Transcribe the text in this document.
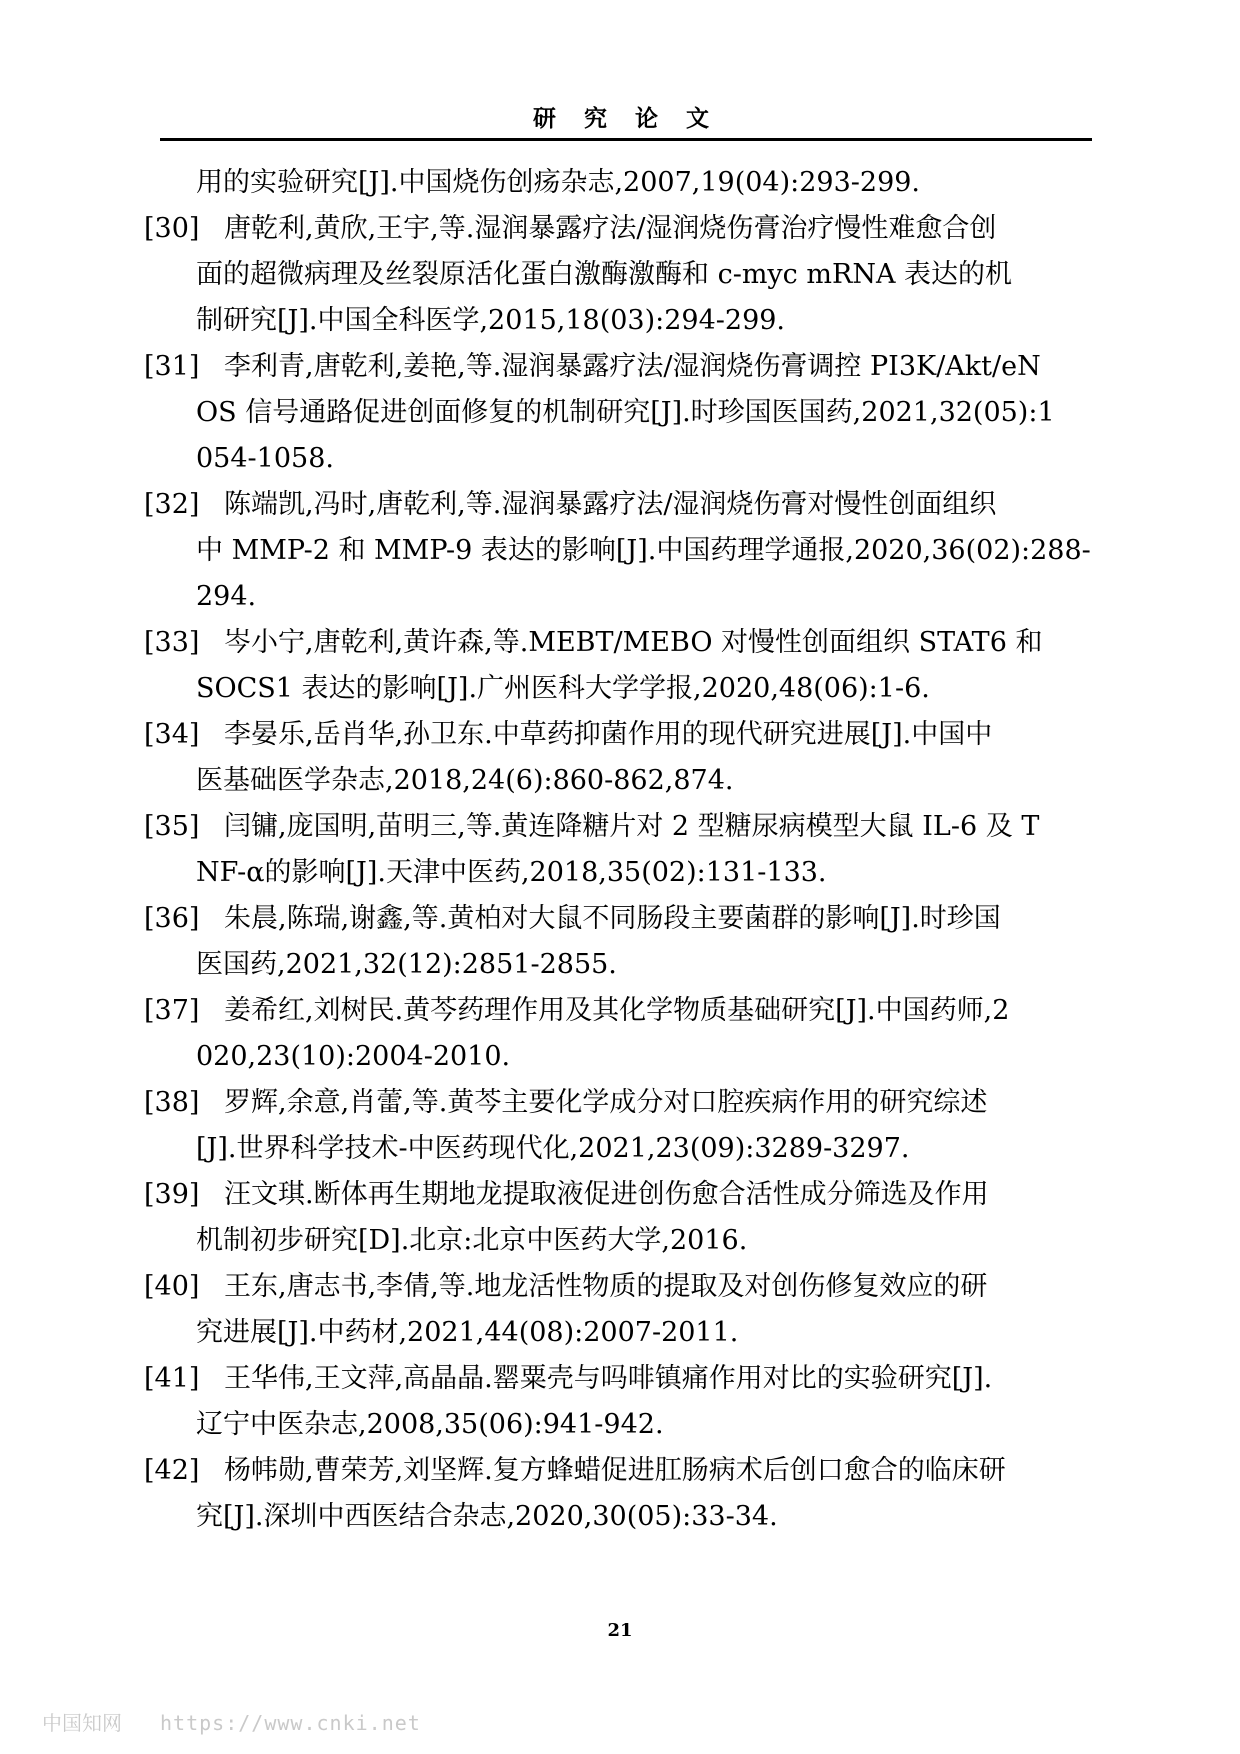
研 究 论 文
用的实验研究[J].中国烧伤创疡杂志,2007,19(04):293-299.
[30] 唐乾利,黄欣,王宇,等.湿润暴露疗法/湿润烧伤膏治疗慢性难愈合创
面的超微病理及丝裂原活化蛋白激酶激酶和 c-myc mRNA 表达的机
制研究[J].中国全科医学,2015,18(03):294-299.
[31] 李利青,唐乾利,姜艳,等.湿润暴露疗法/湿润烧伤膏调控 PI3K/Akt/eN
OS 信号通路促进创面修复的机制研究[J].时珍国医国药,2021,32(05):1
054-1058.
[32] 陈端凯,冯时,唐乾利,等.湿润暴露疗法/湿润烧伤膏对慢性创面组织
中 MMP-2 和 MMP-9 表达的影响[J].中国药理学通报,2020,36(02):288-
294.
[33] 岑小宁,唐乾利,黄许森,等.MEBT/MEBO 对慢性创面组织 STAT6 和
SOCS1 表达的影响[J].广州医科大学学报,2020,48(06):1-6.
[34] 李晏乐,岳肖华,孙卫东.中草药抑菌作用的现代研究进展[J].中国中
医基础医学杂志,2018,24(6):860-862,874.
[35] 闫镛,庞国明,苗明三,等.黄连降糖片对 2 型糖尿病模型大鼠 IL-6 及 T
NF-α的影响[J].天津中医药,2018,35(02):131-133.
[36] 朱晨,陈瑞,谢鑫,等.黄柏对大鼠不同肠段主要菌群的影响[J].时珍国
医国药,2021,32(12):2851-2855.
[37] 姜希红,刘树民.黄芩药理作用及其化学物质基础研究[J].中国药师,2
020,23(10):2004-2010.
[38] 罗辉,余意,肖蕾,等.黄芩主要化学成分对口腔疾病作用的研究综述
[J].世界科学技术-中医药现代化,2021,23(09):3289-3297.
[39] 汪文琪.断体再生期地龙提取液促进创伤愈合活性成分筛选及作用
机制初步研究[D].北京:北京中医药大学,2016.
[40] 王东,唐志书,李倩,等.地龙活性物质的提取及对创伤修复效应的研
究进展[J].中药材,2021,44(08):2007-2011.
[41] 王华伟,王文萍,高晶晶.罂粟壳与吗啡镇痛作用对比的实验研究[J].
辽宁中医杂志,2008,35(06):941-942.
[42] 杨帏勋,曹荣芳,刘坚辉.复方蜂蜡促进肛肠病术后创口愈合的临床研
究[J].深圳中西医结合杂志,2020,30(05):33-34.
21
中国知网 https://www.cnki.net
